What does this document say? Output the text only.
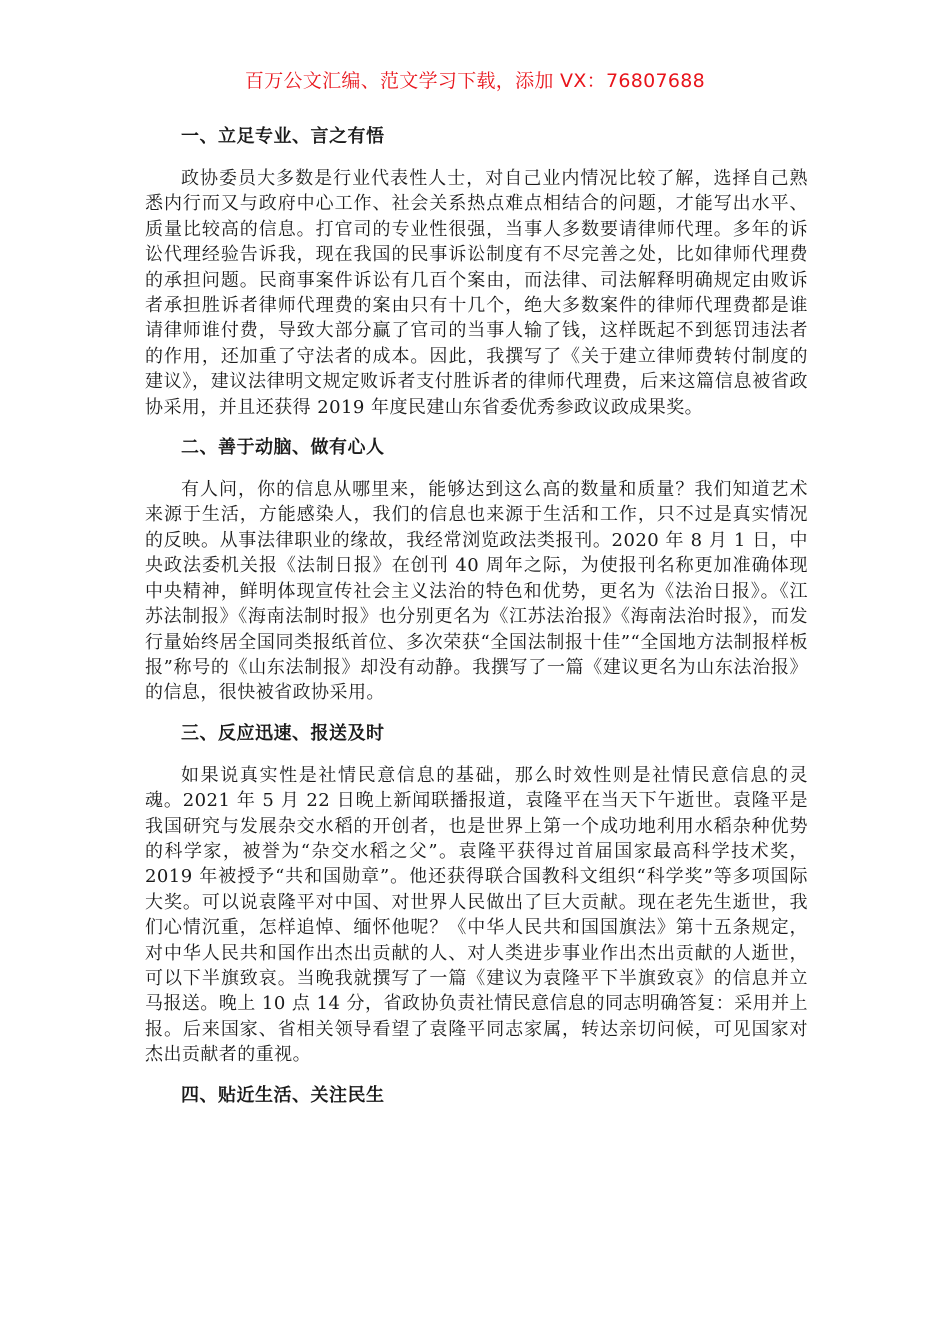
百万公文汇编、范文学习下载，添加 VX：76807688

一、立足专业、言之有悟

政协委员大多数是行业代表性人士，对自己业内情况比较了解，选择自己熟悉内行而又与政府中心工作、社会关系热点难点相结合的问题，才能写出水平、质量比较高的信息。打官司的专业性很强，当事人多数要请律师代理。多年的诉讼代理经验告诉我，现在我国的民事诉讼制度有不尽完善之处，比如律师代理费的承担问题。民商事案件诉讼有几百个案由，而法律、司法解释明确规定由败诉者承担胜诉者律师代理费的案由只有十几个，绝大多数案件的律师代理费都是谁请律师谁付费，导致大部分赢了官司的当事人输了钱，这样既起不到惩罚违法者的作用，还加重了守法者的成本。因此，我撰写了《关于建立律师费转付制度的建议》，建议法律明文规定败诉者支付胜诉者的律师代理费，后来这篇信息被省政协采用，并且还获得 2019 年度民建山东省委优秀参政议政成果奖。

二、善于动脑、做有心人

有人问，你的信息从哪里来，能够达到这么高的数量和质量？我们知道艺术来源于生活，方能感染人，我们的信息也来源于生活和工作，只不过是真实情况的反映。从事法律职业的缘故，我经常浏览政法类报刊。2020 年 8 月 1 日，中央政法委机关报《法制日报》在创刊 40 周年之际，为使报刊名称更加准确体现中央精神，鲜明体现宣传社会主义法治的特色和优势，更名为《法治日报》。《江苏法制报》《海南法制时报》也分别更名为《江苏法治报》《海南法治时报》，而发行量始终居全国同类报纸首位、多次荣获“全国法制报十佳”“全国地方法制报样板报”称号的《山东法制报》却没有动静。我撰写了一篇《建议更名为山东法治报》的信息，很快被省政协采用。

三、反应迅速、报送及时

如果说真实性是社情民意信息的基础，那么时效性则是社情民意信息的灵魂。2021 年 5 月 22 日晚上新闻联播报道，袁隆平在当天下午逝世。袁隆平是我国研究与发展杂交水稻的开创者，也是世界上第一个成功地利用水稻杂种优势的科学家，被誉为“杂交水稻之父”。袁隆平获得过首届国家最高科学技术奖，2019 年被授予“共和国勋章”。他还获得联合国教科文组织“科学奖”等多项国际大奖。可以说袁隆平对中国、对世界人民做出了巨大贡献。现在老先生逝世，我们心情沉重，怎样追悼、缅怀他呢？《中华人民共和国国旗法》第十五条规定，对中华人民共和国作出杰出贡献的人、对人类进步事业作出杰出贡献的人逝世，可以下半旗致哀。当晚我就撰写了一篇《建议为袁隆平下半旗致哀》的信息并立马报送。晚上 10 点 14 分，省政协负责社情民意信息的同志明确答复：采用并上报。后来国家、省相关领导看望了袁隆平同志家属，转达亲切问候，可见国家对杰出贡献者的重视。

四、贴近生活、关注民生
